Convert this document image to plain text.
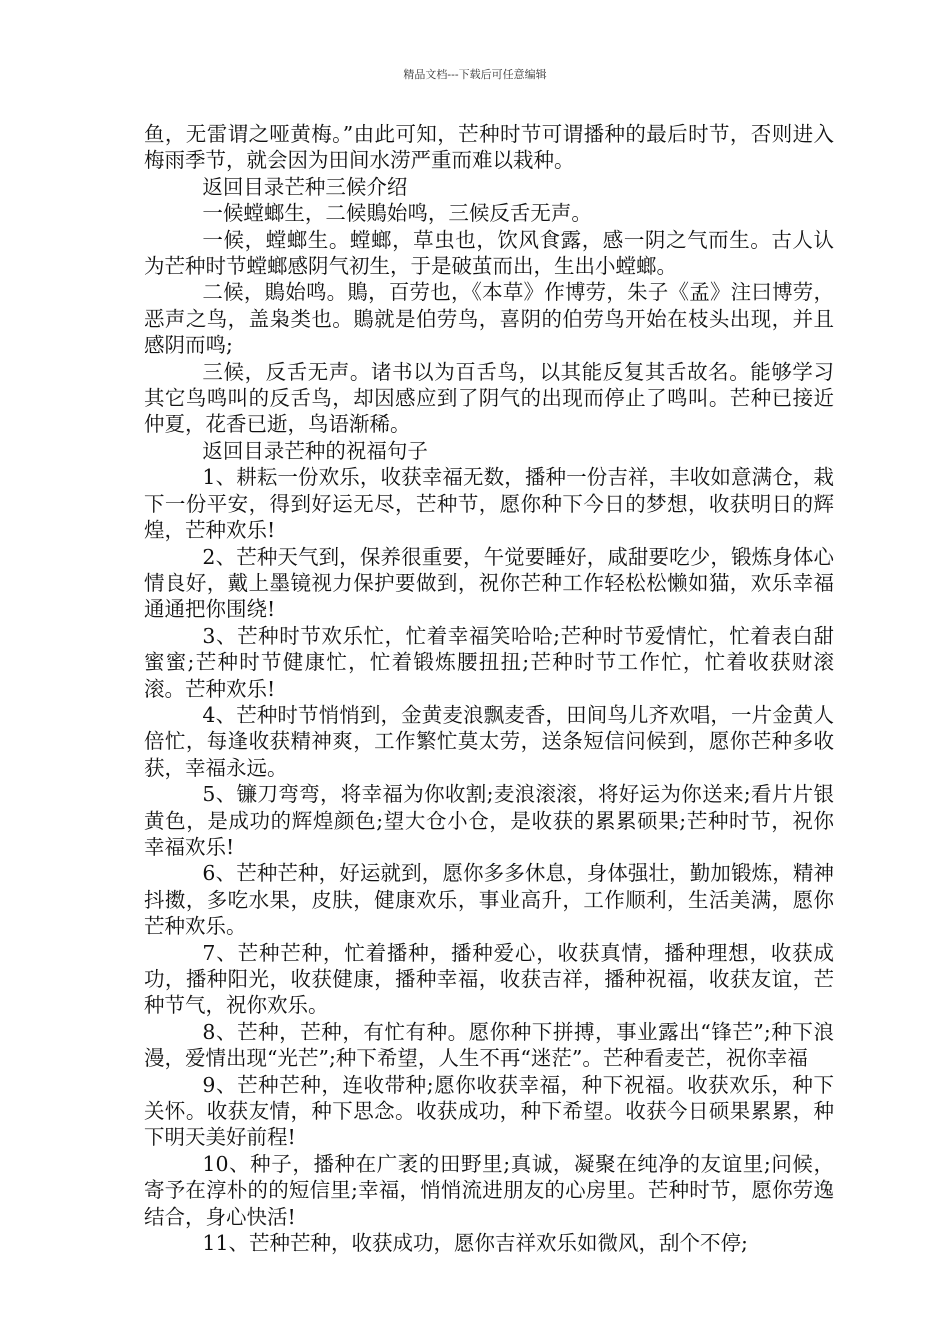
精品文档---下载后可任意编辑

鱼，无雷谓之哑黄梅。”由此可知，芒种时节可谓播种的最后时节，否则进入梅雨季节，就会因为田间水涝严重而难以栽种。

返回目录芒种三候介绍

一候螳螂生，二候鵙始鸣，三候反舌无声。

一候，螳螂生。螳螂，草虫也，饮风食露，感一阴之气而生。古人认为芒种时节螳螂感阴气初生，于是破茧而出，生出小螳螂。

二候，鵙始鸣。鵙，百劳也，《本草》作博劳，朱子《孟》注曰博劳，恶声之鸟，盖枭类也。鵙就是伯劳鸟，喜阴的伯劳鸟开始在枝头出现，并且感阴而鸣;

三候，反舌无声。诸书以为百舌鸟，以其能反复其舌故名。能够学习其它鸟鸣叫的反舌鸟，却因感应到了阴气的出现而停止了鸣叫。芒种已接近仲夏，花香已逝，鸟语渐稀。

返回目录芒种的祝福句子

1、耕耘一份欢乐，收获幸福无数，播种一份吉祥，丰收如意满仓，栽下一份平安，得到好运无尽，芒种节，愿你种下今日的梦想，收获明日的辉煌，芒种欢乐!

2、芒种天气到，保养很重要，午觉要睡好，咸甜要吃少，锻炼身体心情良好，戴上墨镜视力保护要做到，祝你芒种工作轻松松懒如猫，欢乐幸福通通把你围绕!

3、芒种时节欢乐忙，忙着幸福笑哈哈;芒种时节爱情忙，忙着表白甜蜜蜜;芒种时节健康忙，忙着锻炼腰扭扭;芒种时节工作忙，忙着收获财滚滚。芒种欢乐!

4、芒种时节悄悄到，金黄麦浪飘麦香，田间鸟儿齐欢唱，一片金黄人倍忙，每逢收获精神爽，工作繁忙莫太劳，送条短信问候到，愿你芒种多收获，幸福永远。

5、镰刀弯弯，将幸福为你收割;麦浪滚滚，将好运为你送来;看片片银黄色，是成功的辉煌颜色;望大仓小仓，是收获的累累硕果;芒种时节，祝你幸福欢乐!

6、芒种芒种，好运就到，愿你多多休息，身体强壮，勤加锻炼，精神抖擞，多吃水果，皮肤，健康欢乐，事业高升，工作顺利，生活美满，愿你芒种欢乐。

7、芒种芒种，忙着播种，播种爱心，收获真情，播种理想，收获成功，播种阳光，收获健康，播种幸福，收获吉祥，播种祝福，收获友谊，芒种节气，祝你欢乐。

8、芒种，芒种，有忙有种。愿你种下拼搏，事业露出“锋芒”;种下浪漫，爱情出现“光芒”;种下希望，人生不再“迷茫”。芒种看麦芒，祝你幸福

9、芒种芒种，连收带种;愿你收获幸福，种下祝福。收获欢乐，种下关怀。收获友情，种下思念。收获成功，种下希望。收获今日硕果累累，种下明天美好前程!

10、种子，播种在广袤的田野里;真诚，凝聚在纯净的友谊里;问候，寄予在淳朴的的短信里;幸福，悄悄流进朋友的心房里。芒种时节，愿你劳逸结合，身心快活!

11、芒种芒种，收获成功，愿你吉祥欢乐如微风，刮个不停;
